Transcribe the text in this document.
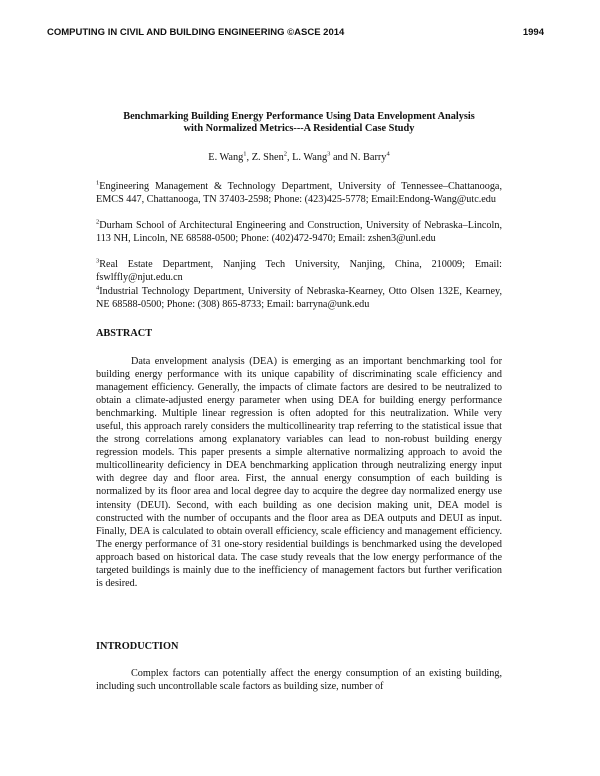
COMPUTING IN CIVIL AND BUILDING ENGINEERING ©ASCE 2014	1994
Benchmarking Building Energy Performance Using Data Envelopment Analysis
with Normalized Metrics---A Residential Case Study
E. Wang$^1$, Z. Shen$^2$, L. Wang$^3$ and N. Barry$^4$

$^1$Engineering Management & Technology Department, University of Tennessee–Chattanooga, EMCS 447, Chattanooga, TN 37403-2598; Phone: (423)425-5778; Email:Endong-Wang@utc.edu

$^2$Durham School of Architectural Engineering and Construction, University of Nebraska–Lincoln, 113 NH, Lincoln, NE 68588-0500; Phone: (402)472-9470; Email: zshen3@unl.edu

$^3$Real Estate Department, Nanjing Tech University, Nanjing, China, 210009; Email: fswlffly@njut.edu.cn

$^4$Industrial Technology Department, University of Nebraska-Kearney, Otto Olsen 132E, Kearney, NE 68588-0500; Phone: (308) 865-8733; Email: barryna@unk.edu

ABSTRACT
Data envelopment analysis (DEA) is emerging as an important benchmarking tool for building energy performance with its unique capability of discriminating scale efficiency and management efficiency. Generally, the impacts of climate factors are desired to be neutralized to obtain a climate-adjusted energy parameter when using DEA for building energy performance benchmarking. Multiple linear regression is often adopted for this neutralization. While very useful, this approach rarely considers the multicollinearity trap referring to the statistical issue that the strong correlations among explanatory variables can lead to non-robust building energy regression models. This paper presents a simple alternative normalizing approach to avoid the multicollinearity deficiency in DEA benchmarking application through neutralizing energy input with degree day and floor area. First, the annual energy consumption of each building is normalized by its floor area and local degree day to acquire the degree day normalized energy use intensity (DEUI). Second, with each building as one decision making unit, DEA model is constructed with the number of occupants and the floor area as DEA outputs and DEUI as input. Finally, DEA is calculated to obtain overall efficiency, scale efficiency and management efficiency. The energy performance of 31 one-story residential buildings is benchmarked using the developed approach based on historical data. The case study reveals that the low energy performance of the targeted buildings is mainly due to the inefficiency of management factors but further verification is desired.
INTRODUCTION
Complex factors can potentially affect the energy consumption of an existing building, including such uncontrollable scale factors as building size, number of
